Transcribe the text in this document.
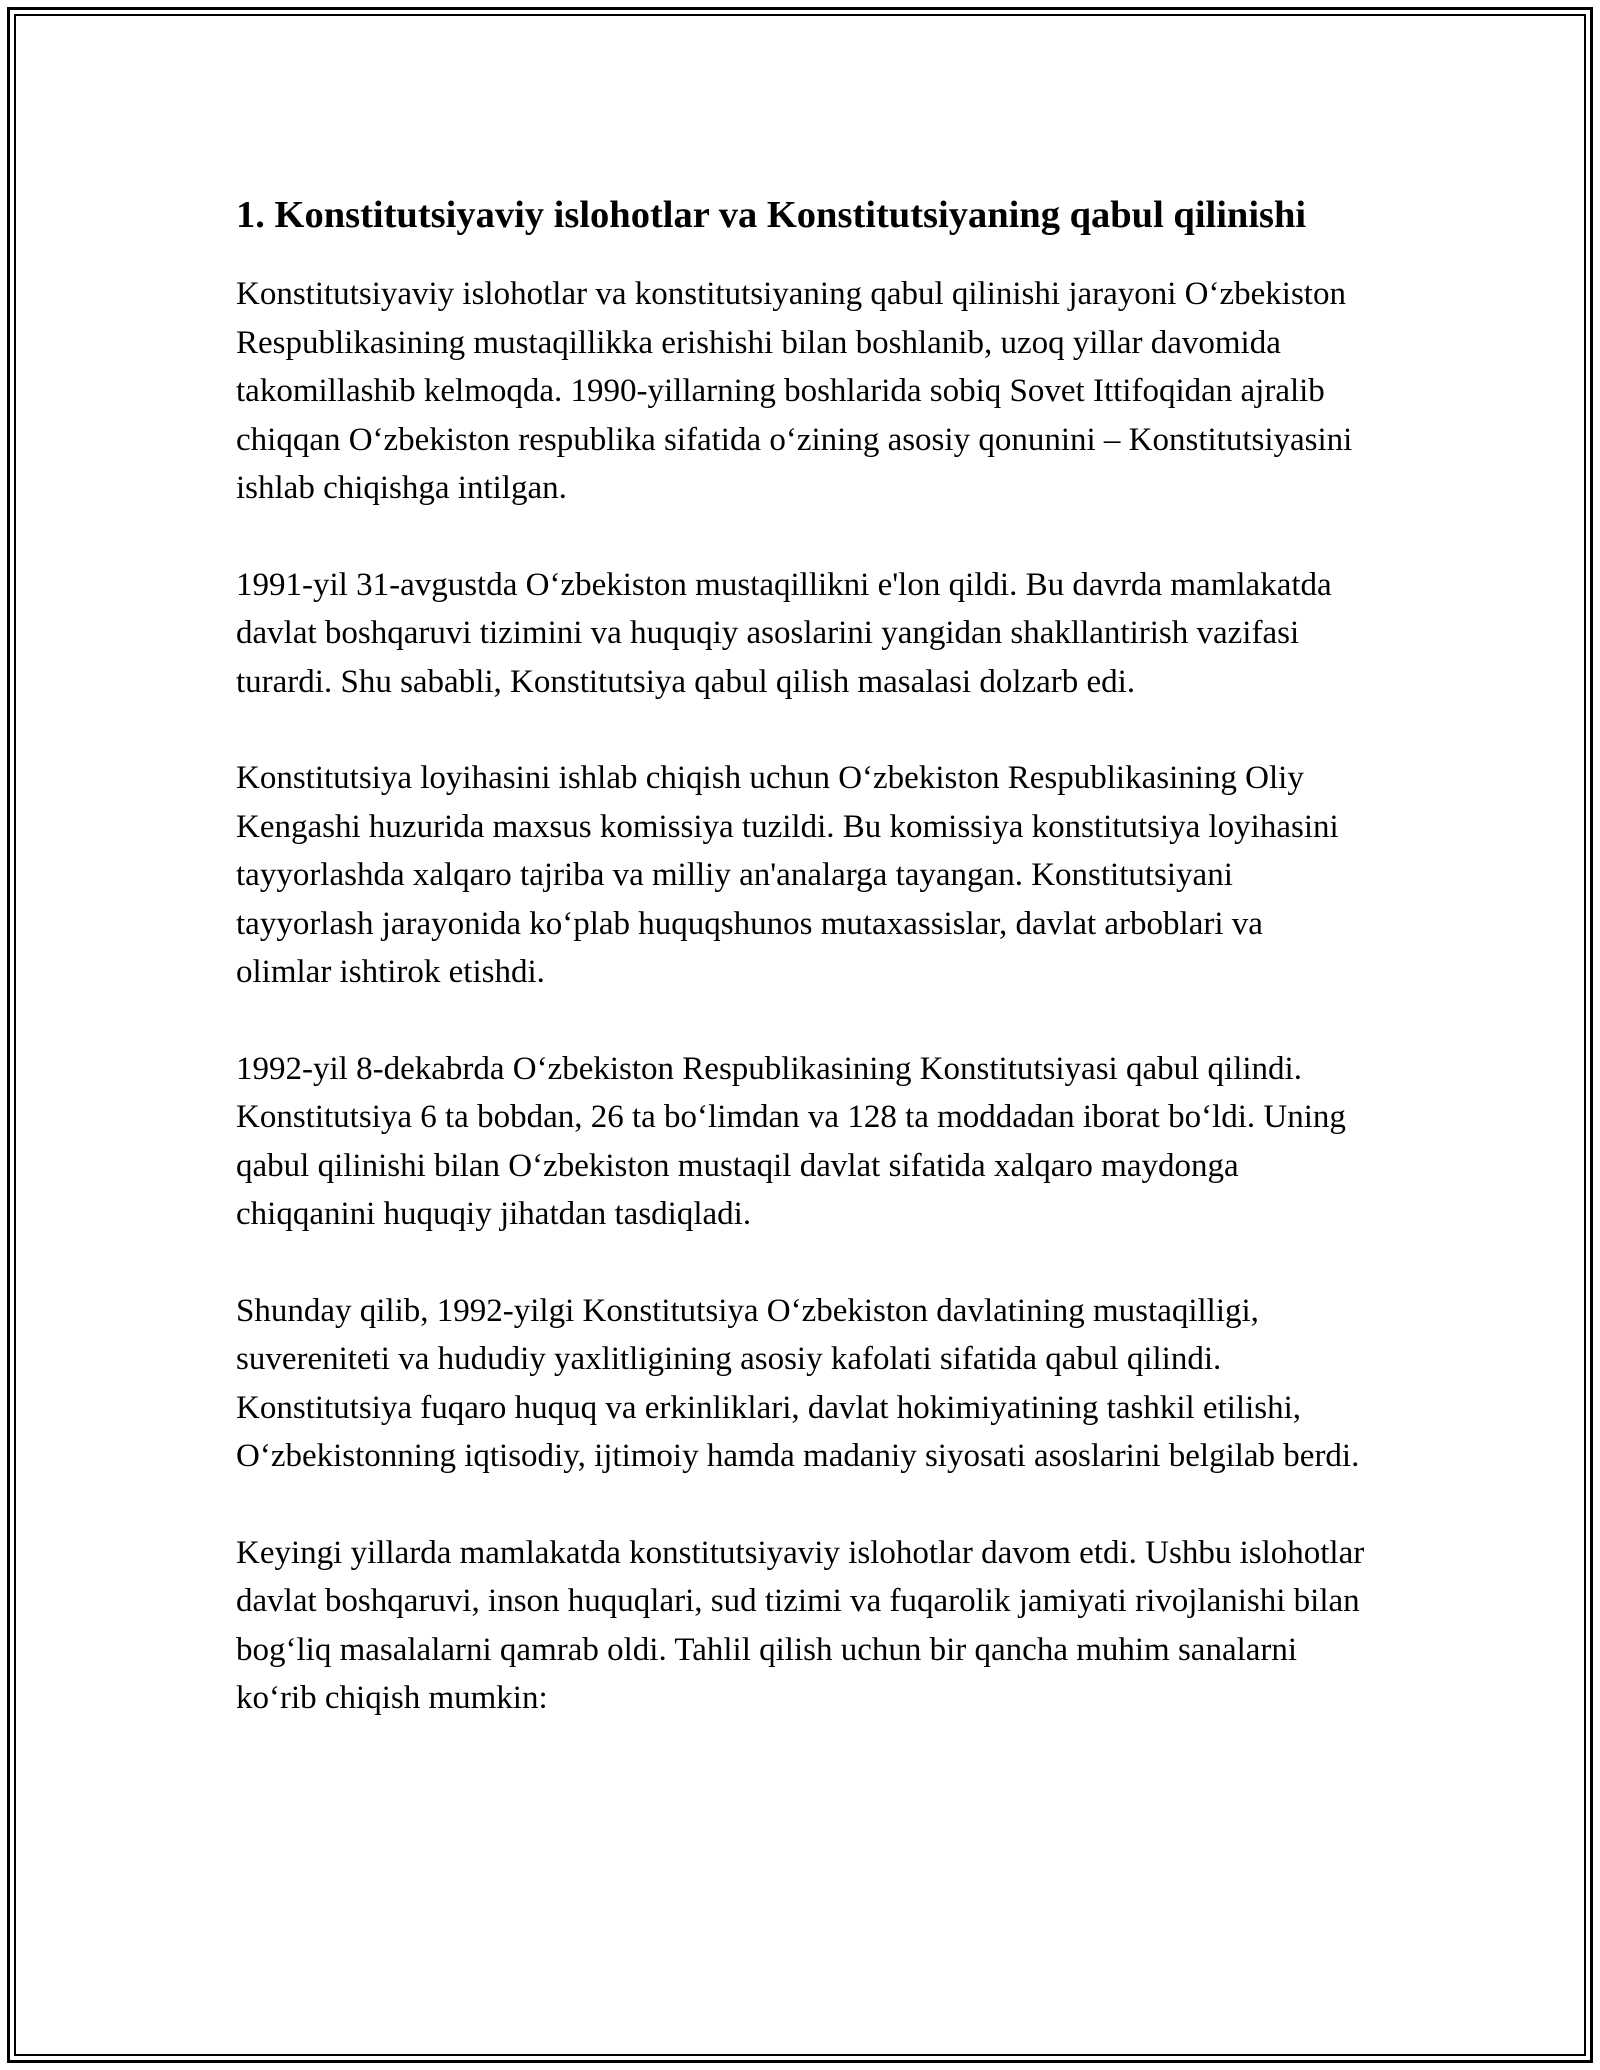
1. Konstitutsiyaviy islohotlar va Konstitutsiyaning qabul qilinishi

Konstitutsiyaviy islohotlar va konstitutsiyaning qabul qilinishi jarayoni O‘zbekiston Respublikasining mustaqillikka erishishi bilan boshlanib, uzoq yillar davomida takomillashib kelmoqda. 1990-yillarning boshlarida sobiq Sovet Ittifoqidan ajralib chiqqan O‘zbekiston respublika sifatida o‘zining asosiy qonunini – Konstitutsiyasini ishlab chiqishga intilgan.

1991-yil 31-avgustda O‘zbekiston mustaqillikni e'lon qildi. Bu davrda mamlakatda davlat boshqaruvi tizimini va huquqiy asoslarini yangidan shakllantirish vazifasi turardi. Shu sababli, Konstitutsiya qabul qilish masalasi dolzarb edi.

Konstitutsiya loyihasini ishlab chiqish uchun O‘zbekiston Respublikasining Oliy Kengashi huzurida maxsus komissiya tuzildi. Bu komissiya konstitutsiya loyihasini tayyorlashda xalqaro tajriba va milliy an'analarga tayangan. Konstitutsiyani tayyorlash jarayonida ko‘plab huquqshunos mutaxassislar, davlat arboblari va olimlar ishtirok etishdi.

1992-yil 8-dekabrda O‘zbekiston Respublikasining Konstitutsiyasi qabul qilindi. Konstitutsiya 6 ta bobdan, 26 ta bo‘limdan va 128 ta moddadan iborat bo‘ldi. Uning qabul qilinishi bilan O‘zbekiston mustaqil davlat sifatida xalqaro maydonga chiqqanini huquqiy jihatdan tasdiqladi.

Shunday qilib, 1992-yilgi Konstitutsiya O‘zbekiston davlatining mustaqilligi, suvereniteti va hududiy yaxlitligining asosiy kafolati sifatida qabul qilindi. Konstitutsiya fuqaro huquq va erkinliklari, davlat hokimiyatining tashkil etilishi, O‘zbekistonning iqtisodiy, ijtimoiy hamda madaniy siyosati asoslarini belgilab berdi.

Keyingi yillarda mamlakatda konstitutsiyaviy islohotlar davom etdi. Ushbu islohotlar davlat boshqaruvi, inson huquqlari, sud tizimi va fuqarolik jamiyati rivojlanishi bilan bog‘liq masalalarni qamrab oldi. Tahlil qilish uchun bir qancha muhim sanalarni ko‘rib chiqish mumkin:
